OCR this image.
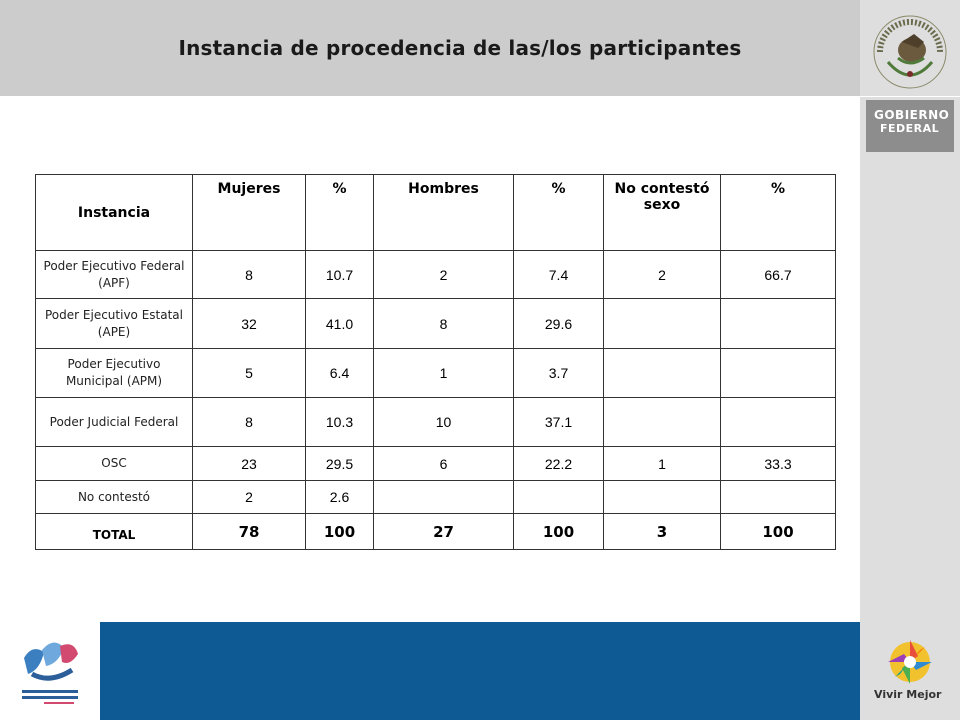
Instancia de procedencia de las/los participantes
GOBIERNO
FEDERAL
Vivir Mejor
Instancia	Mujeres	%	Hombres	%	No contestó sexo	%
Poder Ejecutivo Federal (APF)	8	10.7	2	7.4	2	66.7
Poder Ejecutivo Estatal (APE)	32	41.0	8	29.6		
Poder Ejecutivo Municipal (APM)	5	6.4	1	3.7		
Poder Judicial Federal	8	10.3	10	37.1		
OSC	23	29.5	6	22.2	1	33.3
No contestó	2	2.6				
TOTAL	78	100	27	100	3	100
